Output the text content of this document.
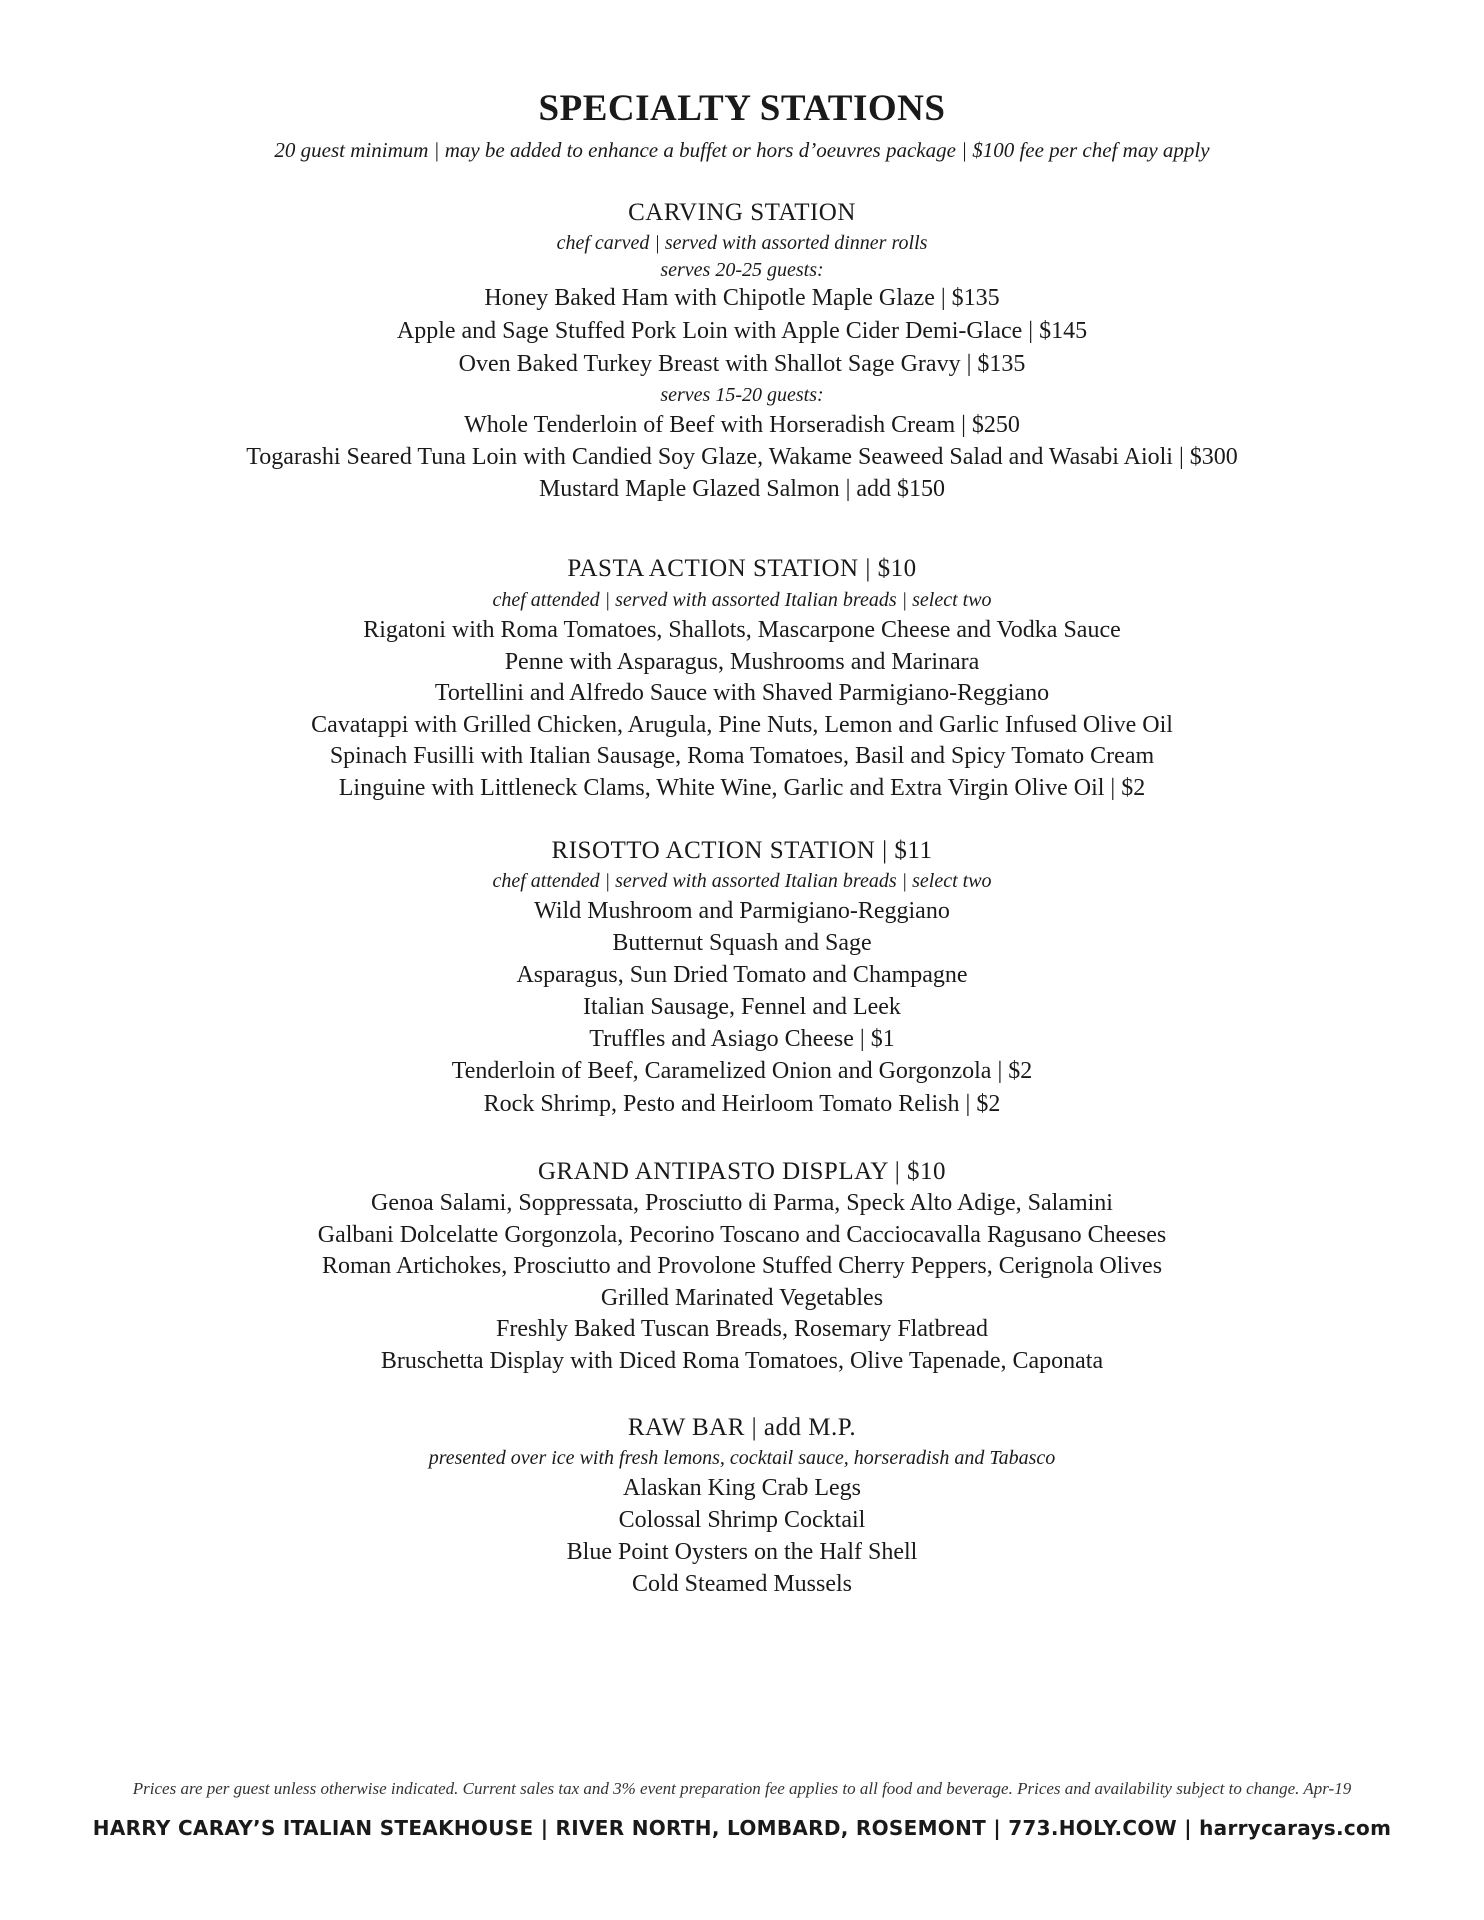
SPECIALTY STATIONS
20 guest minimum | may be added to enhance a buffet or hors d’oeuvres package | $100 fee per chef may apply
CARVING STATION
chef carved | served with assorted dinner rolls
serves 20-25 guests:
Honey Baked Ham with Chipotle Maple Glaze | $135
Apple and Sage Stuffed Pork Loin with Apple Cider Demi-Glace | $145
Oven Baked Turkey Breast with Shallot Sage Gravy | $135
serves 15-20 guests:
Whole Tenderloin of Beef with Horseradish Cream | $250
Togarashi Seared Tuna Loin with Candied Soy Glaze, Wakame Seaweed Salad and Wasabi Aioli | $300
Mustard Maple Glazed Salmon | add $150
PASTA ACTION STATION | $10
chef attended | served with assorted Italian breads | select two
Rigatoni with Roma Tomatoes, Shallots, Mascarpone Cheese and Vodka Sauce
Penne with Asparagus, Mushrooms and Marinara
Tortellini and Alfredo Sauce with Shaved Parmigiano-Reggiano
Cavatappi with Grilled Chicken, Arugula, Pine Nuts, Lemon and Garlic Infused Olive Oil
Spinach Fusilli with Italian Sausage, Roma Tomatoes, Basil and Spicy Tomato Cream
Linguine with Littleneck Clams, White Wine, Garlic and Extra Virgin Olive Oil | $2
RISOTTO ACTION STATION | $11
chef attended | served with assorted Italian breads | select two
Wild Mushroom and Parmigiano-Reggiano
Butternut Squash and Sage
Asparagus, Sun Dried Tomato and Champagne
Italian Sausage, Fennel and Leek
Truffles and Asiago Cheese | $1
Tenderloin of Beef, Caramelized Onion and Gorgonzola | $2
Rock Shrimp, Pesto and Heirloom Tomato Relish | $2
GRAND ANTIPASTO DISPLAY | $10
Genoa Salami, Soppressata, Prosciutto di Parma, Speck Alto Adige, Salamini
Galbani Dolcelatte Gorgonzola, Pecorino Toscano and Cacciocavalla Ragusano Cheeses
Roman Artichokes, Prosciutto and Provolone Stuffed Cherry Peppers, Cerignola Olives
Grilled Marinated Vegetables
Freshly Baked Tuscan Breads, Rosemary Flatbread
Bruschetta Display with Diced Roma Tomatoes, Olive Tapenade, Caponata
RAW BAR | add M.P.
presented over ice with fresh lemons, cocktail sauce, horseradish and Tabasco
Alaskan King Crab Legs
Colossal Shrimp Cocktail
Blue Point Oysters on the Half Shell
Cold Steamed Mussels
Prices are per guest unless otherwise indicated. Current sales tax and 3% event preparation fee applies to all food and beverage. Prices and availability subject to change. Apr-19
HARRY CARAY’S ITALIAN STEAKHOUSE | RIVER NORTH, LOMBARD, ROSEMONT | 773.HOLY.COW | harrycarays.com
